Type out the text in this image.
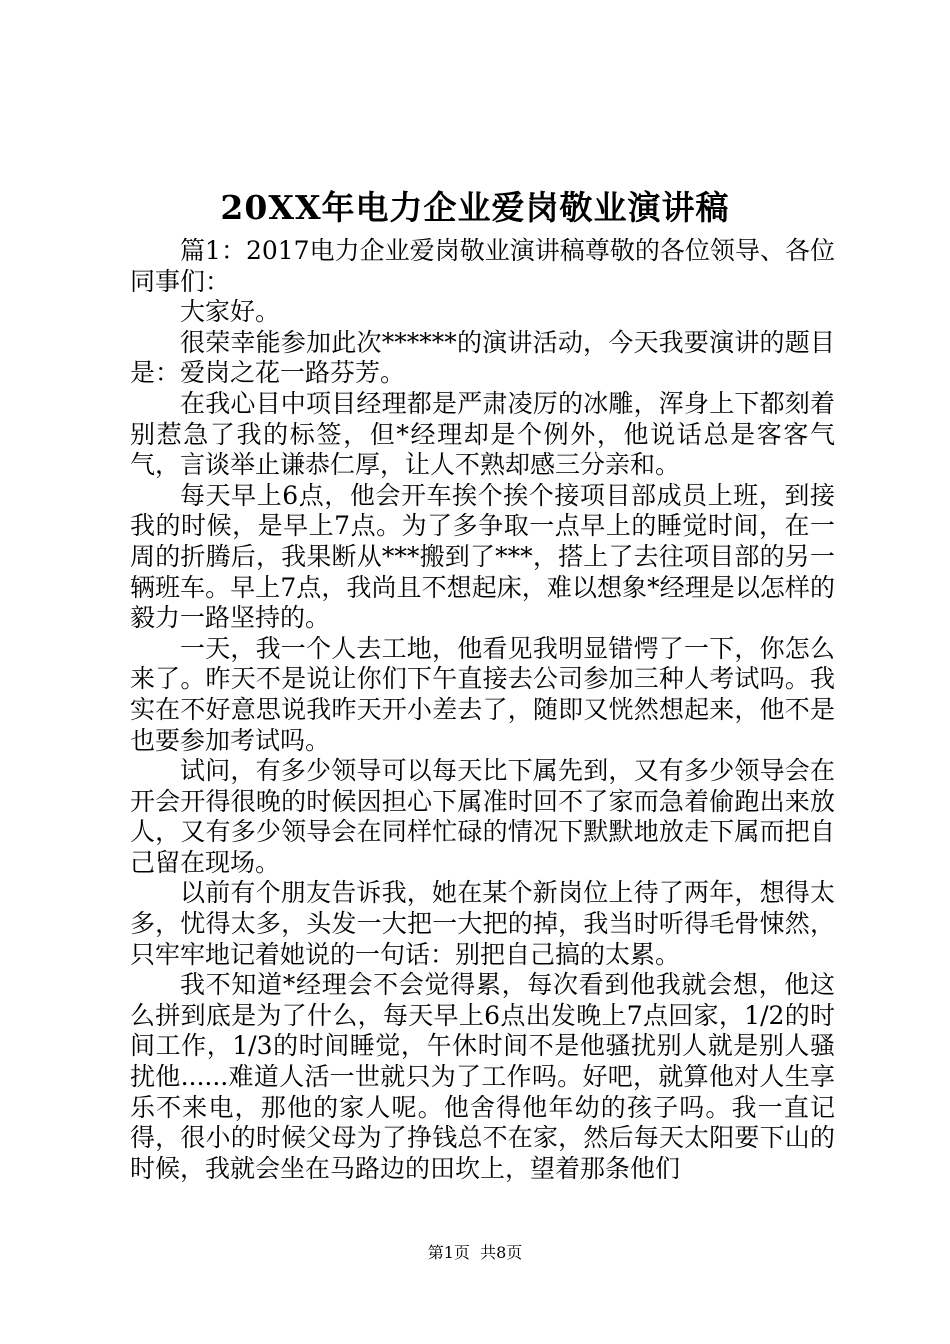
20XX年电力企业爱岗敬业演讲稿

篇1：2017电力企业爱岗敬业演讲稿尊敬的各位领导、各位同事们：

大家好。

很荣幸能参加此次******的演讲活动，今天我要演讲的题目是：爱岗之花一路芬芳。

在我心目中项目经理都是严肃凌厉的冰雕，浑身上下都刻着别惹急了我的标签，但*经理却是个例外，他说话总是客客气气，言谈举止谦恭仁厚，让人不熟却感三分亲和。

每天早上6点，他会开车挨个挨个接项目部成员上班，到接我的时候，是早上7点。为了多争取一点早上的睡觉时间，在一周的折腾后，我果断从***搬到了***，搭上了去往项目部的另一辆班车。早上7点，我尚且不想起床，难以想象*经理是以怎样的毅力一路坚持的。

一天，我一个人去工地，他看见我明显错愕了一下，你怎么来了。昨天不是说让你们下午直接去公司参加三种人考试吗。我实在不好意思说我昨天开小差去了，随即又恍然想起来，他不是也要参加考试吗。

试问，有多少领导可以每天比下属先到，又有多少领导会在开会开得很晚的时候因担心下属准时回不了家而急着偷跑出来放人，又有多少领导会在同样忙碌的情况下默默地放走下属而把自己留在现场。

以前有个朋友告诉我，她在某个新岗位上待了两年，想得太多，忧得太多，头发一大把一大把的掉，我当时听得毛骨悚然，只牢牢地记着她说的一句话：别把自己搞的太累。

我不知道*经理会不会觉得累，每次看到他我就会想，他这么拼到底是为了什么，每天早上6点出发晚上7点回家，1/2的时间工作，1/3的时间睡觉，午休时间不是他骚扰别人就是别人骚扰他......难道人活一世就只为了工作吗。好吧，就算他对人生享乐不来电，那他的家人呢。他舍得他年幼的孩子吗。我一直记得，很小的时候父母为了挣钱总不在家，然后每天太阳要下山的时候，我就会坐在马路边的田坎上，望着那条他们

第1页 共8页
